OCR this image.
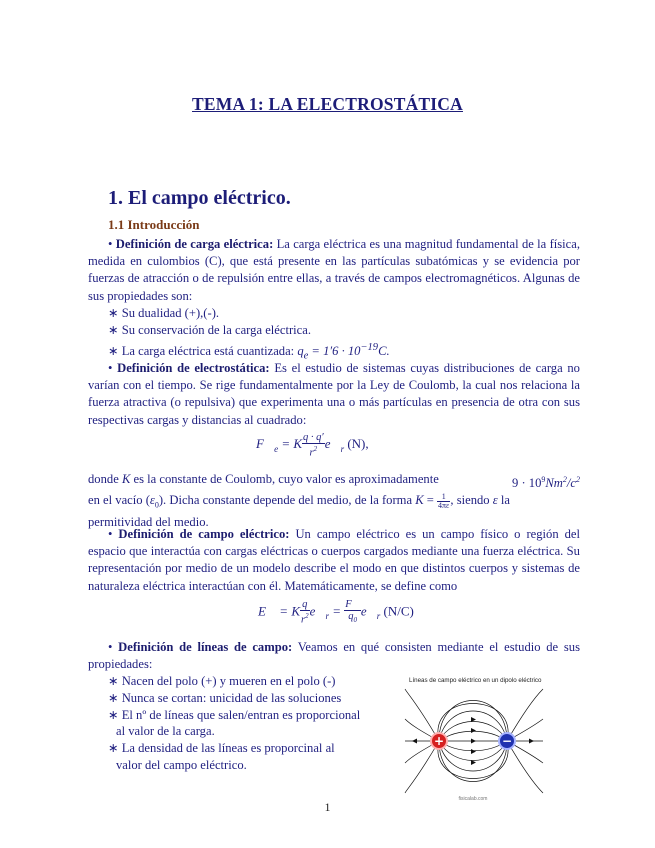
TEMA 1: LA ELECTROSTÁTICA
1. El campo eléctrico.
1.1 Introducción
• Definición de carga eléctrica: La carga eléctrica es una magnitud fundamental de la física, medida en culombios (C), que está presente en las partículas subatómicas y se evidencia por fuerzas de atracción o de repulsión entre ellas, a través de campos electromagnéticos. Algunas de sus propiedades son:
∗ Su dualidad (+),(-).
∗ Su conservación de la carga eléctrica.
∗ La carga eléctrica está cuantizada: $q_e = 1'6 \cdot 10^{-19}C$.
• Definición de electrostática: Es el estudio de sistemas cuyas distribuciones de carga no varían con el tiempo. Se rige fundamentalmente por la Ley de Coulomb, la cual nos relaciona la fuerza atractiva (o repulsiva) que experimenta una o más partículas en presencia de otra con sus respectivas cargas y distancias al cuadrado:
$F⃗_e = K \frac{q \cdot q'}{r^2}$ $e⃗_r$ (N),
donde K es la constante de Coulomb, cuyo valor es aproximadamente	$9 \cdot 10^9Nm^2/c^2$
en el vacío $(\varepsilon_0)$. Dicha constante depende del medio, de la forma $K = \frac{1}{4\pi\varepsilon}$ , siendo ε la
permitividad del medio.
• Definición de campo eléctrico: Un campo eléctrico es un campo físico o región del espacio que interactúa con cargas eléctricas o cuerpos cargados mediante una fuerza eléctrica. Su representación por medio de un modelo describe el modo en que distintos cuerpos y sistemas de naturaleza eléctrica interactúan con él. Matemáticamente, se define como
E⃗ = K $\frac{q}{r^2}$ $e⃗_r = \frac{F⃗}{q_0}$ $e⃗_r$ (N/C)
• Definición de líneas de campo: Veamos en qué consisten mediante el estudio de sus propiedades:
∗ Nacen del polo (+) y mueren en el polo (-)
∗ Nunca se cortan: unicidad de las soluciones
∗ El nº de líneas que salen/entran es proporcional
al valor de la carga.
∗ La densidad de las líneas es proporcinal al
valor del campo eléctrico.
Líneas de campo eléctrico en un dipolo eléctrico
+	−
fisicalab.com
1
